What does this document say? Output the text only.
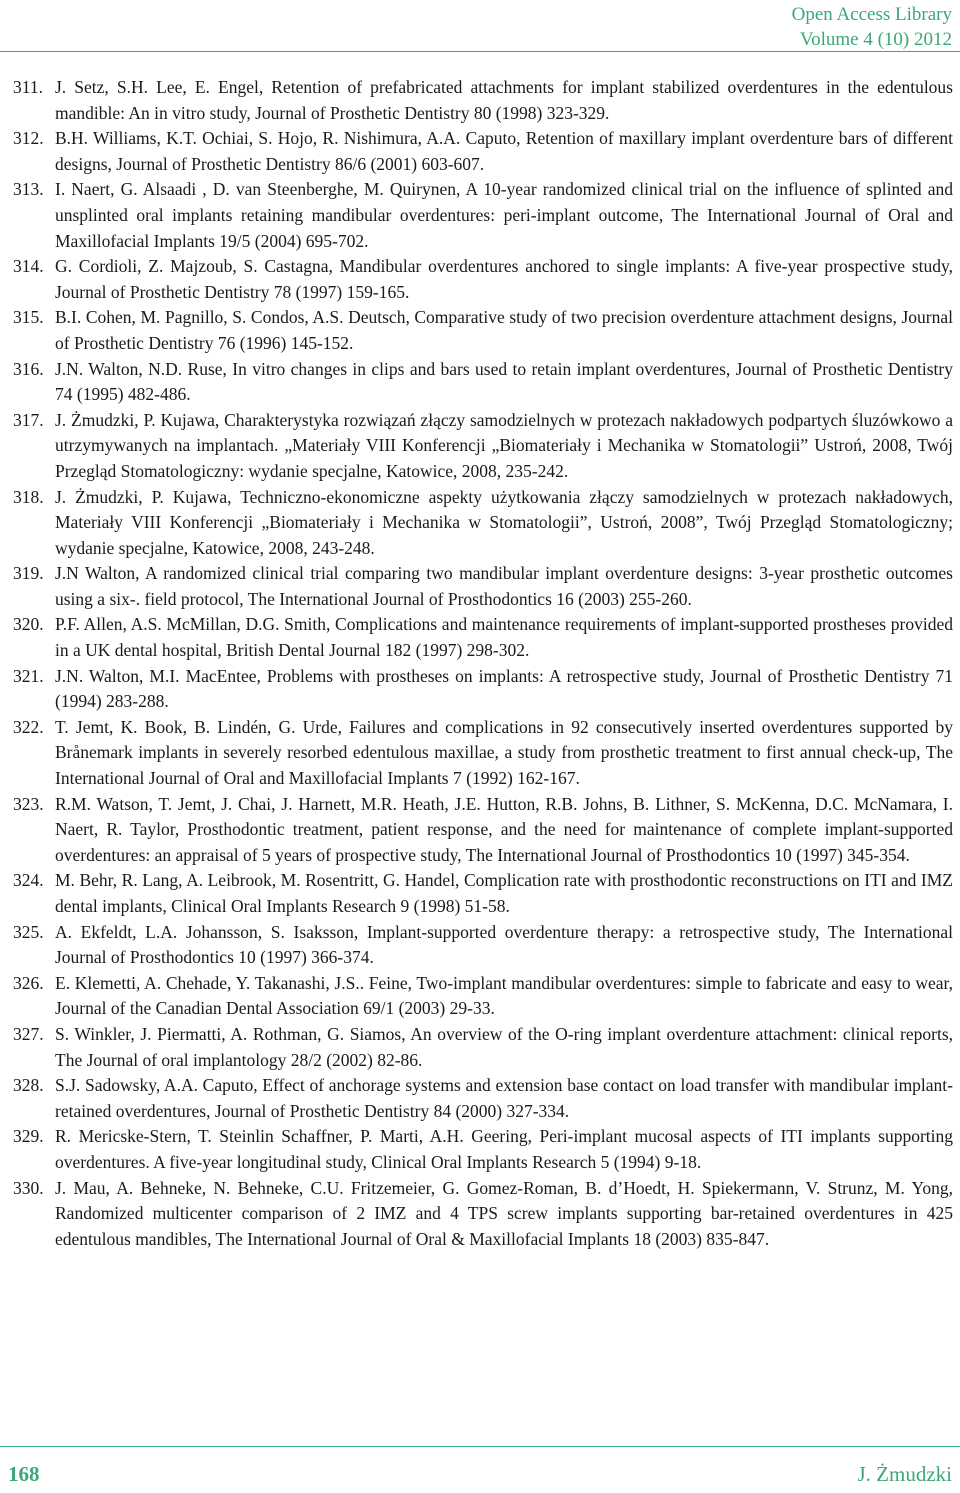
Open Access Library
Volume 4 (10) 2012
311. J. Setz, S.H. Lee, E. Engel, Retention of prefabricated attachments for implant stabilized overdentures in the edentulous mandible: An in vitro study, Journal of Prosthetic Dentistry 80 (1998) 323-329.
312. B.H. Williams, K.T. Ochiai, S. Hojo, R. Nishimura, A.A. Caputo, Retention of maxillary implant overdenture bars of different designs, Journal of Prosthetic Dentistry 86/6 (2001) 603-607.
313. I. Naert, G. Alsaadi , D. van Steenberghe, M. Quirynen, A 10-year randomized clinical trial on the influence of splinted and unsplinted oral implants retaining mandibular overdentures: peri-implant outcome, The International Journal of Oral and Maxillofacial Implants 19/5 (2004) 695-702.
314. G. Cordioli, Z. Majzoub, S. Castagna, Mandibular overdentures anchored to single implants: A five-year prospective study, Journal of Prosthetic Dentistry 78 (1997) 159-165.
315. B.I. Cohen, M. Pagnillo, S. Condos, A.S. Deutsch, Comparative study of two precision overdenture attachment designs, Journal of Prosthetic Dentistry 76 (1996) 145-152.
316. J.N. Walton, N.D. Ruse, In vitro changes in clips and bars used to retain implant overdentures, Journal of Prosthetic Dentistry 74 (1995) 482-486.
317. J. Żmudzki, P. Kujawa, Charakterystyka rozwiązań złączy samodzielnych w protezach nakładowych podpartych śluzówkowo a utrzymywanych na implantach. „Materiały VIII Konferencji „Biomateriały i Mechanika w Stomatologii” Ustroń, 2008, Twój Przegląd Stomatologiczny: wydanie specjalne, Katowice, 2008, 235-242.
318. J. Żmudzki, P. Kujawa, Techniczno-ekonomiczne aspekty użytkowania złączy samodzielnych w protezach nakładowych, Materiały VIII Konferencji „Biomateriały i Mechanika w Stomatologii”, Ustroń, 2008”, Twój Przegląd Stomatologiczny; wydanie specjalne, Katowice, 2008, 243-248.
319. J.N Walton, A randomized clinical trial comparing two mandibular implant overdenture designs: 3-year prosthetic outcomes using a six-. field protocol, The International Journal of Prosthodontics 16 (2003) 255-260.
320. P.F. Allen, A.S. McMillan, D.G. Smith, Complications and maintenance requirements of implant-supported prostheses provided in a UK dental hospital, British Dental Journal 182 (1997) 298-302.
321. J.N. Walton, M.I. MacEntee, Problems with prostheses on implants: A retrospective study, Journal of Prosthetic Dentistry 71 (1994) 283-288.
322. T. Jemt, K. Book, B. Lindén, G. Urde, Failures and complications in 92 consecutively inserted overdentures supported by Brånemark implants in severely resorbed edentulous maxillae, a study from prosthetic treatment to first annual check-up, The International Journal of Oral and Maxillofacial Implants 7 (1992) 162-167.
323. R.M. Watson, T. Jemt, J. Chai, J. Harnett, M.R. Heath, J.E. Hutton, R.B. Johns, B. Lithner, S. McKenna, D.C. McNamara, I. Naert, R. Taylor, Prosthodontic treatment, patient response, and the need for maintenance of complete implant-supported overdentures: an appraisal of 5 years of prospective study, The International Journal of Prosthodontics 10 (1997) 345-354.
324. M. Behr, R. Lang, A. Leibrook, M. Rosentritt, G. Handel, Complication rate with prosthodontic reconstructions on ITI and IMZ dental implants, Clinical Oral Implants Research 9 (1998) 51-58.
325. A. Ekfeldt, L.A. Johansson, S. Isaksson, Implant-supported overdenture therapy: a retrospective study, The International Journal of Prosthodontics 10 (1997) 366-374.
326. E. Klemetti, A. Chehade, Y. Takanashi, J.S.. Feine, Two-implant mandibular overdentures: simple to fabricate and easy to wear, Journal of the Canadian Dental Association 69/1 (2003) 29-33.
327. S. Winkler, J. Piermatti, A. Rothman, G. Siamos, An overview of the O-ring implant overdenture attachment: clinical reports, The Journal of oral implantology 28/2 (2002) 82-86.
328. S.J. Sadowsky, A.A. Caputo, Effect of anchorage systems and extension base contact on load transfer with mandibular implant-retained overdentures, Journal of Prosthetic Dentistry 84 (2000) 327-334.
329. R. Mericske-Stern, T. Steinlin Schaffner, P. Marti, A.H. Geering, Peri-implant mucosal aspects of ITI implants supporting overdentures. A five-year longitudinal study, Clinical Oral Implants Research 5 (1994) 9-18.
330. J. Mau, A. Behneke, N. Behneke, C.U. Fritzemeier, G. Gomez-Roman, B. d’Hoedt, H. Spiekermann, V. Strunz, M. Yong, Randomized multicenter comparison of 2 IMZ and 4 TPS screw implants supporting bar-retained overdentures in 425 edentulous mandibles, The International Journal of Oral & Maxillofacial Implants 18 (2003) 835-847.
168	J. Żmudzki
